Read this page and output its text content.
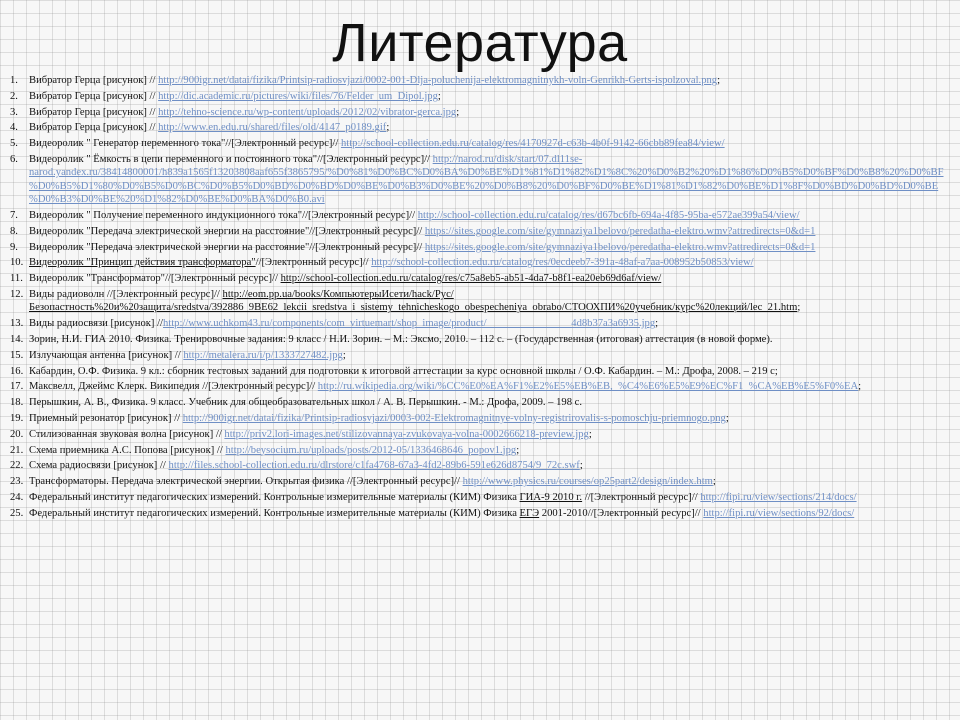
Литература
1.	Вибратор Герца [рисунок] // http://900igr.net/datai/fizika/Printsip-radiosvjazi/0002-001-Dlja-poluchenija-elektromagnitnykh-voln-Genrikh-Gerts-ispolzoval.png;
2.	Вибратор Герца [рисунок] // http://dic.academic.ru/pictures/wiki/files/76/Felder_um_Dipol.jpg;
3.	Вибратор Герца [рисунок] // http://tehno-science.ru/wp-content/uploads/2012/02/vibrator-gerca.jpg;
4.	Вибратор Герца [рисунок] // http://www.en.edu.ru/shared/files/old/4147_p0189.gif;
5.	Видеоролик " Генератор переменного тока"//[Электронный ресурс]// http://school-collection.edu.ru/catalog/res/4170927d-c63b-4b0f-9142-66cbb89fea84/view/
6.	Видеоролик " Ёмкость в цепи переменного и постоянного тока"//[Электронный ресурс]// http://narod.ru/disk/start/07.dl11se-narod.yandex.ru/38414800001/h839a1565f13203808aaf655f3865795/%D0%81%D0%BC%D0%BA%D0%BE%D1%81%D1%82%D1%8C%20%D0%B2%20%D1%86%D0%B5%D0%BF%D0%B8%20%D0%BF%D0%B5%D1%80%D0%B5%D0%BC%D0%B5%D0%BD%D0%BD%D0%BE%D0%B3%D0%BE%20%D0%B8%20%D0%BF%D0%BE%D1%81%D1%82%D0%BE%D1%8F%D0%BD%D0%BD%D0%BE%D0%B3%D0%BE%20%D1%82%D0%BE%D0%BA%D0%B0.avi
7.	Видеоролик " Получение переменного индукционного тока"//[Электронный ресурс]// http://school-collection.edu.ru/catalog/res/d67bc6fb-694a-4f85-95ba-e572ae399a54/view/
8.	Видеоролик "Передача электрической энергии на расстояние"//[Электронный ресурс]// https://sites.google.com/site/gymnaziya1belovo/peredatha-elektro.wmv?attredirects=0&d=1
9.	Видеоролик "Передача электрической энергии на расстояние"//[Электронный ресурс]// https://sites.google.com/site/gymnaziya1belovo/peredatha-elektro.wmv?attredirects=0&d=1
10. Видеоролик "Принцип действия трансформатора"//[Электронный ресурс]// http://school-collection.edu.ru/catalog/res/0ecdeeb7-391a-48af-a7aa-008952b50853/view/
11. Видеоролик "Трансформатор"//[Электронный ресурс]// http://school-collection.edu.ru/catalog/res/c75a8eb5-ab51-4da7-b8f1-ea20eb69d6af/view/
12. Виды радиоволн //[Электронный ресурс]// http://eom.pp.ua/books/КомпьютерыИсети/hack/Рус/Безопастность%20и%20защита/sredstva/392886_9BE62_lekcii_sredstva_i_sistemy_tehnicheskogo_obespecheniya_obrabo/СТООХПИ%20учебник/курс%20лекций/lec_21.htm;
13. Виды радиосвязи [рисунок] //http://www.uchkom43.ru/components/com_virtuemart/shop_image/product/________________4d8b37a3a6935.jpg;
14. Зорин, Н.И. ГИА 2010. Физика. Тренировочные задания: 9 класс / Н.И. Зорин. – М.: Эксмо, 2010. – 112 с. – (Государственная (итоговая) аттестация (в новой форме).
15. Излучающая антенна [рисунок] // http://metalera.ru/i/p/1333727482.jpg;
16. Кабардин, О.Ф. Физика. 9 кл.: сборник тестовых заданий для подготовки к итоговой аттестации за курс основной школы / О.Ф. Кабардин. – М.: Дрофа, 2008. – 219 с;
17. Максвелл, Джеймс Клерк. Википедия //[Электронный ресурс]// http://ru.wikipedia.org/wiki/%CC%E0%EA%F1%E2%E5%EB%EB,_%C4%E6%E5%E9%EC%F1_%CA%EB%E5%F0%EA;
18. Перышкин, А. В., Физика. 9 класс. Учебник для общеобразовательных школ / А. В. Перышкин. - М.: Дрофа, 2009. – 198 с.
19. Приемный резонатор [рисунок] // http://900igr.net/datai/fizika/Printsip-radiosvjazi/0003-002-Elektromagnitnye-volny-registrirovalis-s-pomoschju-priemnogo.png;
20. Стилизованная звуковая волна [рисунок] // http://priv2.lori-images.net/stilizovannaya-zvukovaya-volna-0002666218-preview.jpg;
21. Схема приемника А.С. Попова [рисунок] // http://beysocium.ru/uploads/posts/2012-05/1336468646_popov1.jpg;
22. Схема радиосвязи [рисунок] // http://files.school-collection.edu.ru/dlrstore/c1fa4768-67a3-4fd2-89b6-591e626d8754/9_72c.swf;
23. Трансформаторы. Передача электрической энергии. Открытая физика //[Электронный ресурс]// http://www.physics.ru/courses/op25part2/design/index.htm;
24. Федеральный институт педагогических измерений. Контрольные измерительные материалы (КИМ) Физика ГИА-9 2010 г. //[Электронный ресурс]// http://fipi.ru/view/sections/214/docs/
25. Федеральный институт педагогических измерений. Контрольные измерительные материалы (КИМ) Физика ЕГЭ 2001-2010//[Электронный ресурс]// http://fipi.ru/view/sections/92/docs/
